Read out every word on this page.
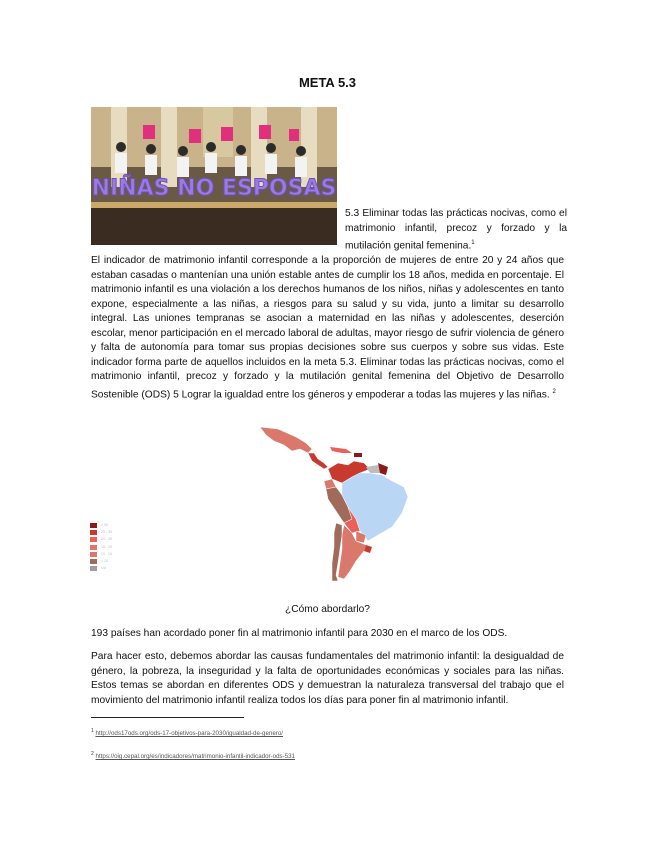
META 5.3
NIÑAS NO ESPOSAS
5.3 Eliminar todas las prácticas nocivas, como el matrimonio infantil, precoz y forzado y la mutilación genital femenina.$^1$
El indicador de matrimonio infantil corresponde a la proporción de mujeres de entre 20 y 24 años que estaban casadas o mantenían una unión estable antes de cumplir los 18 años, medida en porcentaje. El matrimonio infantil es una violación a los derechos humanos de los niños, niñas y adolescentes en tanto expone, especialmente a las niñas, a riesgos para su salud y su vida, junto a limitar su desarrollo integral. Las uniones tempranas se asocian a maternidad en las niñas y adolescentes, deserción escolar, menor participación en el mercado laboral de adultas, mayor riesgo de sufrir violencia de género y falta de autonomía para tomar sus propias decisiones sobre sus cuerpos y sobre sus vidas. Este indicador forma parte de aquellos incluidos en la meta 5.3. Eliminar todas las prácticas nocivas, como el matrimonio infantil, precoz y forzado y la mutilación genital femenina del Objetivo de Desarrollo Sostenible (ODS) 5 Lograr la igualdad entre los géneros y empoderar a todas las mujeres y las niñas. $^2$
> 30
25 - 30
20 - 25
15 - 20
10 - 15
< 10
s/d
¿Cómo abordarlo?
193 países han acordado poner fin al matrimonio infantil para 2030 en el marco de los ODS.
Para hacer esto, debemos abordar las causas fundamentales del matrimonio infantil: la desigualdad de género, la pobreza, la inseguridad y la falta de oportunidades económicas y sociales para las niñas. Estos temas se abordan en diferentes ODS y demuestran la naturaleza transversal del trabajo que el movimiento del matrimonio infantil realiza todos los días para poner fin al matrimonio infantil.
$^1$ http://ods17ods.org/ods-17-objetivos-para-2030/igualdad-de-genero/
$^2$ https://oig.cepal.org/es/indicadores/matrimonio-infantil-indicador-ods-531
